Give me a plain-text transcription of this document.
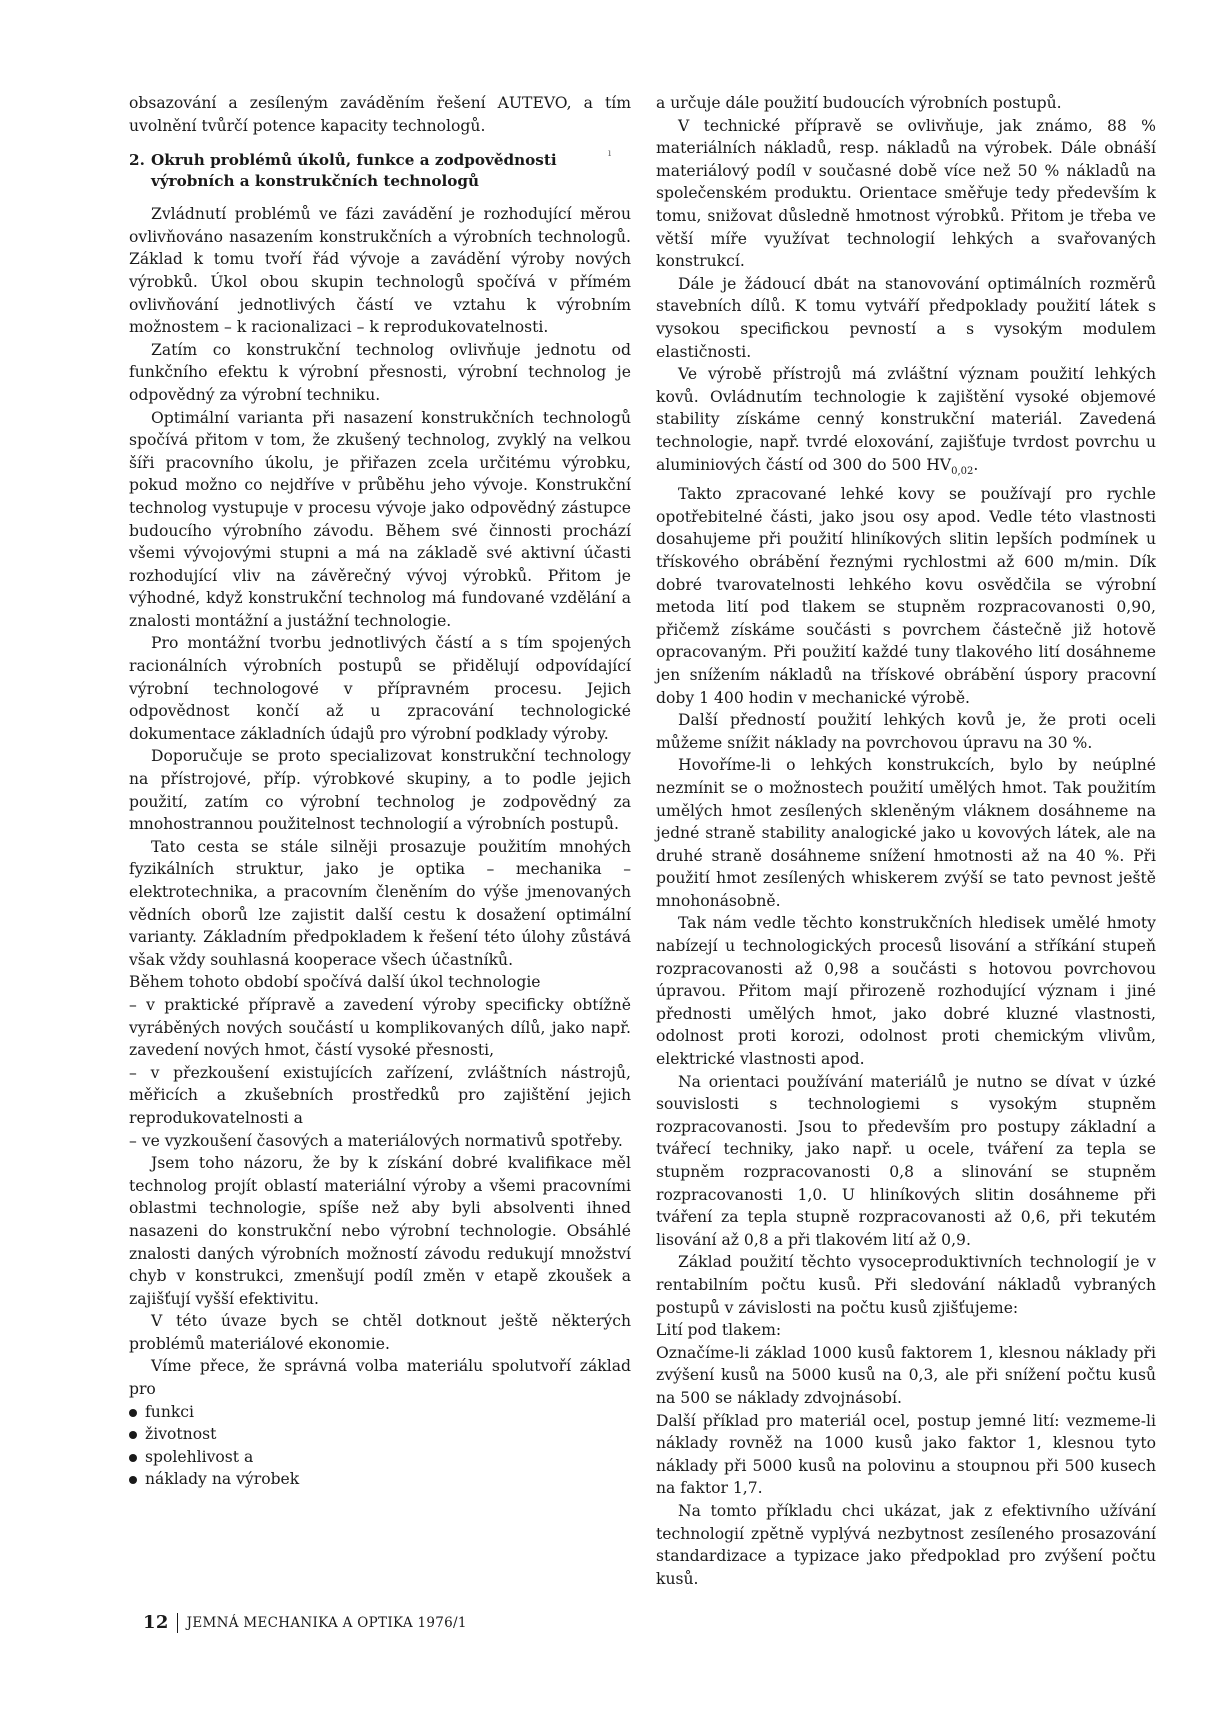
obsazování a zesíleným zaváděním řešení AUTEVO, a tím uvolnění tvůrčí potence kapacity technologů.

2. Okruh problémů úkolů, funkce a zodpovědnosti
výrobních a konstrukčních technologů

Zvládnutí problémů ve fázi zavádění je rozhodující měrou ovlivňováno nasazením konstrukčních a výrobních technologů. Základ k tomu tvoří řád vývoje a zavádění výroby nových výrobků. Úkol obou skupin technologů spočívá v přímém ovlivňování jednotlivých částí ve vztahu k výrobním možnostem – k racionalizaci – k reprodukovatelnosti.

Zatím co konstrukční technolog ovlivňuje jednotu od funkčního efektu k výrobní přesnosti, výrobní technolog je odpovědný za výrobní techniku.

Optimální varianta při nasazení konstrukčních technologů spočívá přitom v tom, že zkušený technolog, zvyklý na velkou šíři pracovního úkolu, je přiřazen zcela určitému výrobku, pokud možno co nejdříve v průběhu jeho vývoje. Konstrukční technolog vystupuje v procesu vývoje jako odpovědný zástupce budoucího výrobního závodu. Během své činnosti prochází všemi vývojovými stupni a má na základě své aktivní účasti rozhodující vliv na závěrečný vývoj výrobků. Přitom je výhodné, když konstrukční technolog má fundované vzdělání a znalosti montážní a justážní technologie.

Pro montážní tvorbu jednotlivých částí a s tím spojených racionálních výrobních postupů se přidělují odpovídající výrobní technologové v přípravném procesu. Jejich odpovědnost končí až u zpracování technologické dokumentace základních údajů pro výrobní podklady výroby.

Doporučuje se proto specializovat konstrukční technology na přístrojové, příp. výrobkové skupiny, a to podle jejich použití, zatím co výrobní technolog je zodpovědný za mnohostrannou použitelnost technologií a výrobních postupů.

Tato cesta se stále silněji prosazuje použitím mnohých fyzikálních struktur, jako je optika – mechanika – elektrotechnika, a pracovním členěním do výše jmenovaných vědních oborů lze zajistit další cestu k dosažení optimální varianty. Základním předpokladem k řešení této úlohy zůstává však vždy souhlasná kooperace všech účastníků.

Během tohoto období spočívá další úkol technologie

– v praktické přípravě a zavedení výroby specificky obtížně vyráběných nových součástí u komplikovaných dílů, jako např. zavedení nových hmot, částí vysoké přesnosti,

– v přezkoušení existujících zařízení, zvláštních nástrojů, měřicích a zkušebních prostředků pro zajištění jejich reprodukovatelnosti a

– ve vyzkoušení časových a materiálových normativů spotřeby.

Jsem toho názoru, že by k získání dobré kvalifikace měl technolog projít oblastí materiální výroby a všemi pracovními oblastmi technologie, spíše než aby byli absolventi ihned nasazeni do konstrukční nebo výrobní technologie. Obsáhlé znalosti daných výrobních možností závodu redukují množství chyb v konstrukci, zmenšují podíl změn v etapě zkoušek a zajišťují vyšší efektivitu.

V této úvaze bych se chtěl dotknout ještě některých problémů materiálové ekonomie.

Víme přece, že správná volba materiálu spolutvoří základ pro

funkci
životnost
spolehlivost a
náklady na výrobek
ı

a určuje dále použití budoucích výrobních postupů.

V technické přípravě se ovlivňuje, jak známo, 88 % materiálních nákladů, resp. nákladů na výrobek. Dále obnáší materiálový podíl v současné době více než 50 % nákladů na společenském produktu. Orientace směřuje tedy především k tomu, snižovat důsledně hmotnost výrobků. Přitom je třeba ve větší míře využívat technologií lehkých a svařovaných konstrukcí.

Dále je žádoucí dbát na stanovování optimálních rozměrů stavebních dílů. K tomu vytváří předpoklady použití látek s vysokou specifickou pevností a s vysokým modulem elastičnosti.

Ve výrobě přístrojů má zvláštní význam použití lehkých kovů. Ovládnutím technologie k zajištění vysoké objemové stability získáme cenný konstrukční materiál. Zavedená technologie, např. tvrdé eloxování, zajišťuje tvrdost povrchu u aluminiových částí od 300 do 500 $HV_{0,02}$.

Takto zpracované lehké kovy se používají pro rychle opotřebitelné části, jako jsou osy apod. Vedle této vlastnosti dosahujeme při použití hliníkových slitin lepších podmínek u třískového obrábění řeznými rychlostmi až 600 m/min. Dík dobré tvarovatelnosti lehkého kovu osvědčila se výrobní metoda lití pod tlakem se stupněm rozpracovanosti 0,90, přičemž získáme součásti s povrchem částečně již hotově opracovaným. Při použití každé tuny tlakového lití dosáhneme jen snížením nákladů na třískové obrábění úspory pracovní doby 1 400 hodin v mechanické výrobě.

Další předností použití lehkých kovů je, že proti oceli můžeme snížit náklady na povrchovou úpravu na 30 %.

Hovoříme-li o lehkých konstrukcích, bylo by neúplné nezmínit se o možnostech použití umělých hmot. Tak použitím umělých hmot zesílených skleněným vláknem dosáhneme na jedné straně stability analogické jako u kovových látek, ale na druhé straně dosáhneme snížení hmotnosti až na 40 %. Při použití hmot zesílených whiskerem zvýší se tato pevnost ještě mnohonásobně.

Tak nám vedle těchto konstrukčních hledisek umělé hmoty nabízejí u technologických procesů lisování a stříkání stupeň rozpracovanosti až 0,98 a součásti s hotovou povrchovou úpravou. Přitom mají přirozeně rozhodující význam i jiné přednosti umělých hmot, jako dobré kluzné vlastnosti, odolnost proti korozi, odolnost proti chemickým vlivům, elektrické vlastnosti apod.

Na orientaci používání materiálů je nutno se dívat v úzké souvislosti s technologiemi s vysokým stupněm rozpracovanosti. Jsou to především pro postupy základní a tvářecí techniky, jako např. u ocele, tváření za tepla se stupněm rozpracovanosti 0,8 a slinování se stupněm rozpracovanosti 1,0. U hliníkových slitin dosáhneme při tváření za tepla stupně rozpracovanosti až 0,6, při tekutém lisování až 0,8 a při tlakovém lití až 0,9.

Základ použití těchto vysoceproduktivních technologií je v rentabilním počtu kusů. Při sledování nákladů vybraných postupů v závislosti na počtu kusů zjišťujeme:

Lití pod tlakem:

Označíme-li základ 1000 kusů faktorem 1, klesnou náklady při zvýšení kusů na 5000 kusů na 0,3, ale při snížení počtu kusů na 500 se náklady zdvojnásobí.

Další příklad pro materiál ocel, postup jemné lití: vezmeme-li náklady rovněž na 1000 kusů jako faktor 1, klesnou tyto náklady při 5000 kusů na polovinu a stoupnou při 500 kusech na faktor 1,7.

Na tomto příkladu chci ukázat, jak z efektivního užívání technologií zpětně vyplývá nezbytnost zesíleného prosazování standardizace a typizace jako předpoklad pro zvýšení počtu kusů.

12 JEMNÁ MECHANIKA A OPTIKA 1976/1
